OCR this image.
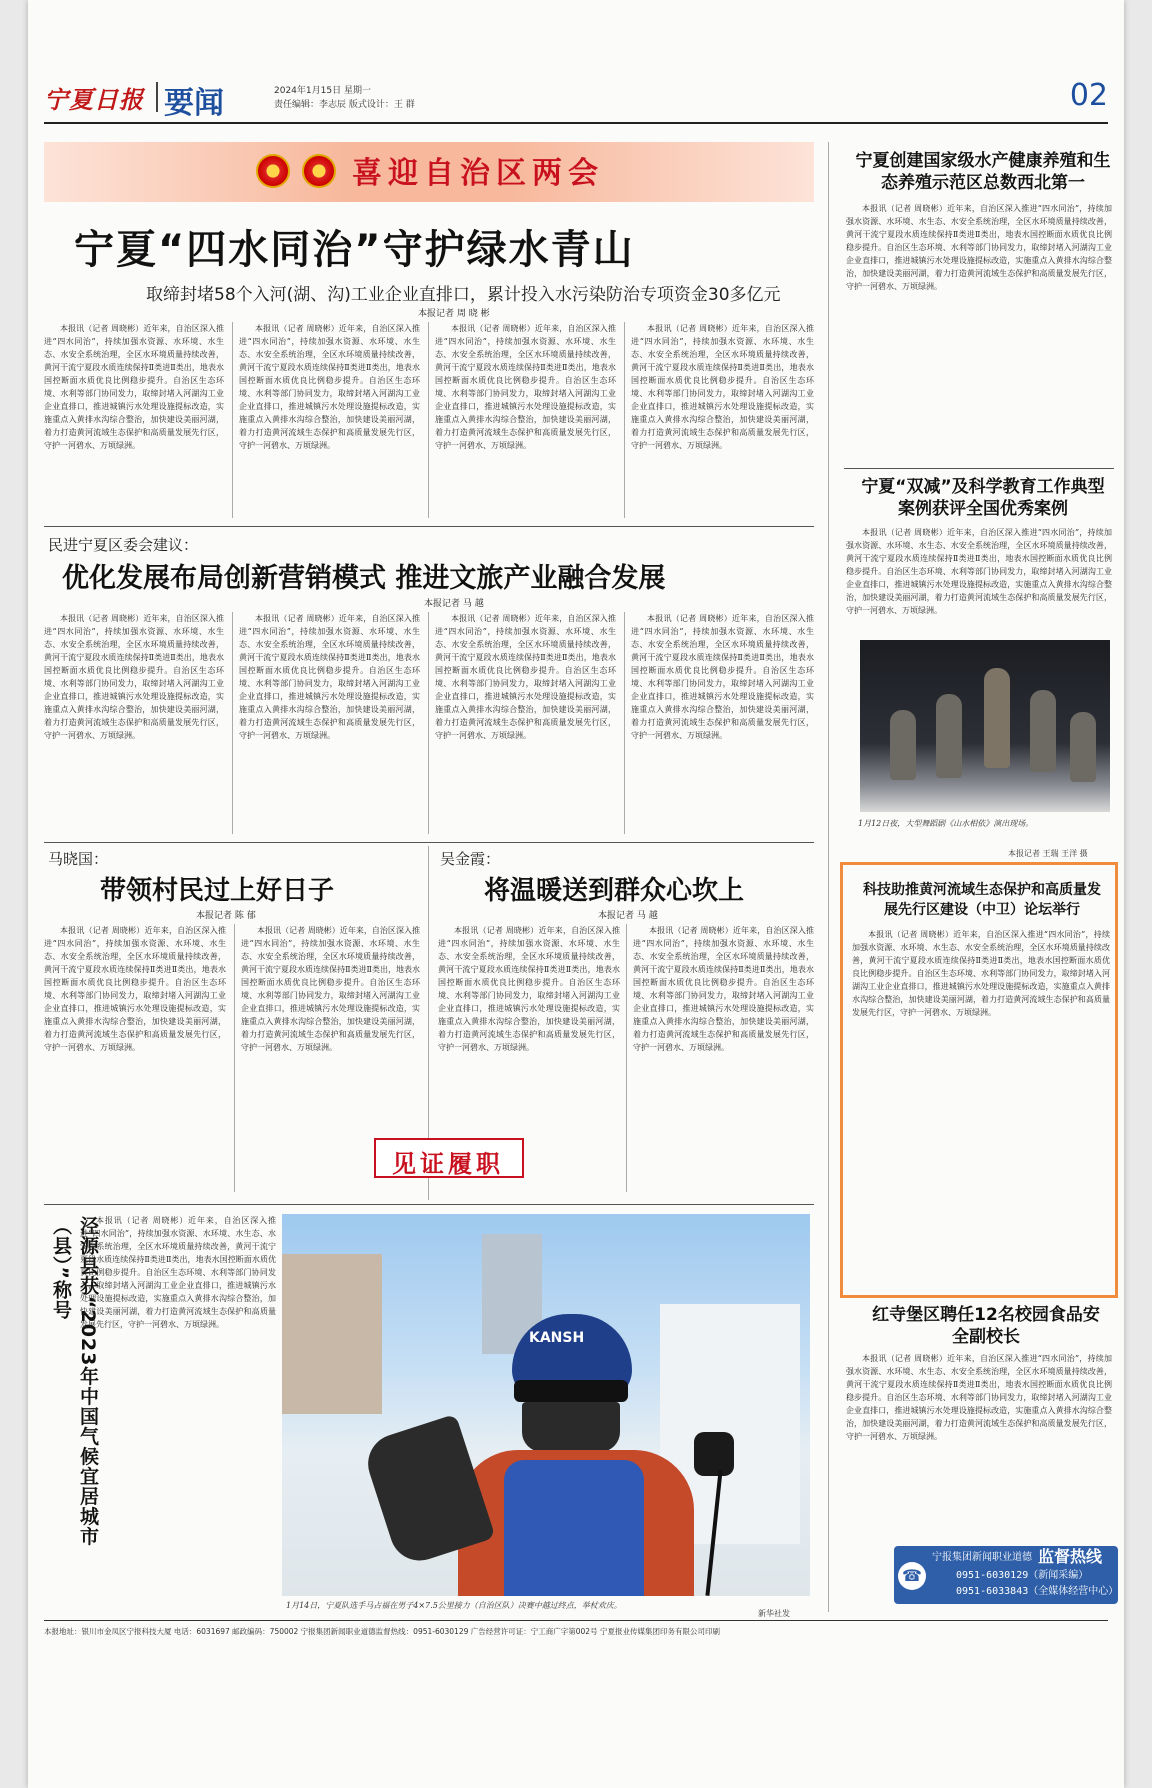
宁夏日报 要闻	2024年1月15日 星期一
责任编辑：李志辰 版式设计：王 群	02
喜迎自治区两会
宁夏“四水同治”守护绿水青山
取缔封堵58个入河(湖、沟)工业企业直排口，累计投入水污染防治专项资金30多亿元
本报记者 周 晓 彬
本报讯（记者 周晓彬）近年来，自治区深入推进“四水同治”，持续加强水资源、水环境、水生态、水安全系统治理，全区水环境质量持续改善，黄河干流宁夏段水质连续保持Ⅱ类进Ⅱ类出，地表水国控断面水质优良比例稳步提升。自治区生态环境、水利等部门协同发力，取缔封堵入河湖沟工业企业直排口，推进城镇污水处理设施提标改造，实施重点入黄排水沟综合整治，加快建设美丽河湖，着力打造黄河流域生态保护和高质量发展先行区，守护一河碧水、万顷绿洲。
本报讯（记者 周晓彬）近年来，自治区深入推进“四水同治”，持续加强水资源、水环境、水生态、水安全系统治理，全区水环境质量持续改善，黄河干流宁夏段水质连续保持Ⅱ类进Ⅱ类出，地表水国控断面水质优良比例稳步提升。自治区生态环境、水利等部门协同发力，取缔封堵入河湖沟工业企业直排口，推进城镇污水处理设施提标改造，实施重点入黄排水沟综合整治，加快建设美丽河湖，着力打造黄河流域生态保护和高质量发展先行区，守护一河碧水、万顷绿洲。
本报讯（记者 周晓彬）近年来，自治区深入推进“四水同治”，持续加强水资源、水环境、水生态、水安全系统治理，全区水环境质量持续改善，黄河干流宁夏段水质连续保持Ⅱ类进Ⅱ类出，地表水国控断面水质优良比例稳步提升。自治区生态环境、水利等部门协同发力，取缔封堵入河湖沟工业企业直排口，推进城镇污水处理设施提标改造，实施重点入黄排水沟综合整治，加快建设美丽河湖，着力打造黄河流域生态保护和高质量发展先行区，守护一河碧水、万顷绿洲。
本报讯（记者 周晓彬）近年来，自治区深入推进“四水同治”，持续加强水资源、水环境、水生态、水安全系统治理，全区水环境质量持续改善，黄河干流宁夏段水质连续保持Ⅱ类进Ⅱ类出，地表水国控断面水质优良比例稳步提升。自治区生态环境、水利等部门协同发力，取缔封堵入河湖沟工业企业直排口，推进城镇污水处理设施提标改造，实施重点入黄排水沟综合整治，加快建设美丽河湖，着力打造黄河流域生态保护和高质量发展先行区，守护一河碧水、万顷绿洲。
民进宁夏区委会建议：
优化发展布局创新营销模式 推进文旅产业融合发展
本报记者 马 越
本报讯（记者 周晓彬）近年来，自治区深入推进“四水同治”，持续加强水资源、水环境、水生态、水安全系统治理，全区水环境质量持续改善，黄河干流宁夏段水质连续保持Ⅱ类进Ⅱ类出，地表水国控断面水质优良比例稳步提升。自治区生态环境、水利等部门协同发力，取缔封堵入河湖沟工业企业直排口，推进城镇污水处理设施提标改造，实施重点入黄排水沟综合整治，加快建设美丽河湖，着力打造黄河流域生态保护和高质量发展先行区，守护一河碧水、万顷绿洲。
本报讯（记者 周晓彬）近年来，自治区深入推进“四水同治”，持续加强水资源、水环境、水生态、水安全系统治理，全区水环境质量持续改善，黄河干流宁夏段水质连续保持Ⅱ类进Ⅱ类出，地表水国控断面水质优良比例稳步提升。自治区生态环境、水利等部门协同发力，取缔封堵入河湖沟工业企业直排口，推进城镇污水处理设施提标改造，实施重点入黄排水沟综合整治，加快建设美丽河湖，着力打造黄河流域生态保护和高质量发展先行区，守护一河碧水、万顷绿洲。
本报讯（记者 周晓彬）近年来，自治区深入推进“四水同治”，持续加强水资源、水环境、水生态、水安全系统治理，全区水环境质量持续改善，黄河干流宁夏段水质连续保持Ⅱ类进Ⅱ类出，地表水国控断面水质优良比例稳步提升。自治区生态环境、水利等部门协同发力，取缔封堵入河湖沟工业企业直排口，推进城镇污水处理设施提标改造，实施重点入黄排水沟综合整治，加快建设美丽河湖，着力打造黄河流域生态保护和高质量发展先行区，守护一河碧水、万顷绿洲。
本报讯（记者 周晓彬）近年来，自治区深入推进“四水同治”，持续加强水资源、水环境、水生态、水安全系统治理，全区水环境质量持续改善，黄河干流宁夏段水质连续保持Ⅱ类进Ⅱ类出，地表水国控断面水质优良比例稳步提升。自治区生态环境、水利等部门协同发力，取缔封堵入河湖沟工业企业直排口，推进城镇污水处理设施提标改造，实施重点入黄排水沟综合整治，加快建设美丽河湖，着力打造黄河流域生态保护和高质量发展先行区，守护一河碧水、万顷绿洲。
马晓国：
带领村民过上好日子
本报记者 陈 郁
本报讯（记者 周晓彬）近年来，自治区深入推进“四水同治”，持续加强水资源、水环境、水生态、水安全系统治理，全区水环境质量持续改善，黄河干流宁夏段水质连续保持Ⅱ类进Ⅱ类出，地表水国控断面水质优良比例稳步提升。自治区生态环境、水利等部门协同发力，取缔封堵入河湖沟工业企业直排口，推进城镇污水处理设施提标改造，实施重点入黄排水沟综合整治，加快建设美丽河湖，着力打造黄河流域生态保护和高质量发展先行区，守护一河碧水、万顷绿洲。
本报讯（记者 周晓彬）近年来，自治区深入推进“四水同治”，持续加强水资源、水环境、水生态、水安全系统治理，全区水环境质量持续改善，黄河干流宁夏段水质连续保持Ⅱ类进Ⅱ类出，地表水国控断面水质优良比例稳步提升。自治区生态环境、水利等部门协同发力，取缔封堵入河湖沟工业企业直排口，推进城镇污水处理设施提标改造，实施重点入黄排水沟综合整治，加快建设美丽河湖，着力打造黄河流域生态保护和高质量发展先行区，守护一河碧水、万顷绿洲。
吴金霞：
将温暖送到群众心坎上
本报记者 马 越
本报讯（记者 周晓彬）近年来，自治区深入推进“四水同治”，持续加强水资源、水环境、水生态、水安全系统治理，全区水环境质量持续改善，黄河干流宁夏段水质连续保持Ⅱ类进Ⅱ类出，地表水国控断面水质优良比例稳步提升。自治区生态环境、水利等部门协同发力，取缔封堵入河湖沟工业企业直排口，推进城镇污水处理设施提标改造，实施重点入黄排水沟综合整治，加快建设美丽河湖，着力打造黄河流域生态保护和高质量发展先行区，守护一河碧水、万顷绿洲。
本报讯（记者 周晓彬）近年来，自治区深入推进“四水同治”，持续加强水资源、水环境、水生态、水安全系统治理，全区水环境质量持续改善，黄河干流宁夏段水质连续保持Ⅱ类进Ⅱ类出，地表水国控断面水质优良比例稳步提升。自治区生态环境、水利等部门协同发力，取缔封堵入河湖沟工业企业直排口，推进城镇污水处理设施提标改造，实施重点入黄排水沟综合整治，加快建设美丽河湖，着力打造黄河流域生态保护和高质量发展先行区，守护一河碧水、万顷绿洲。
见证履职
泾源县获“2023年中国气候宜居城市（县）”称号	本报讯（记者 周晓彬）近年来，自治区深入推进“四水同治”，持续加强水资源、水环境、水生态、水安全系统治理，全区水环境质量持续改善，黄河干流宁夏段水质连续保持Ⅱ类进Ⅱ类出，地表水国控断面水质优良比例稳步提升。自治区生态环境、水利等部门协同发力，取缔封堵入河湖沟工业企业直排口，推进城镇污水处理设施提标改造，实施重点入黄排水沟综合整治，加快建设美丽河湖，着力打造黄河流域生态保护和高质量发展先行区，守护一河碧水、万顷绿洲。
KANSH
1月14日，宁夏队选手马占福在男子4×7.5公里接力（自治区队）决赛中越过终点，举杖欢庆。
新华社发
宁夏创建国家级水产健康养殖和生态养殖示范区总数西北第一
本报讯（记者 周晓彬）近年来，自治区深入推进“四水同治”，持续加强水资源、水环境、水生态、水安全系统治理，全区水环境质量持续改善，黄河干流宁夏段水质连续保持Ⅱ类进Ⅱ类出，地表水国控断面水质优良比例稳步提升。自治区生态环境、水利等部门协同发力，取缔封堵入河湖沟工业企业直排口，推进城镇污水处理设施提标改造，实施重点入黄排水沟综合整治，加快建设美丽河湖，着力打造黄河流域生态保护和高质量发展先行区，守护一河碧水、万顷绿洲。
宁夏“双减”及科学教育工作典型案例获评全国优秀案例
本报讯（记者 周晓彬）近年来，自治区深入推进“四水同治”，持续加强水资源、水环境、水生态、水安全系统治理，全区水环境质量持续改善，黄河干流宁夏段水质连续保持Ⅱ类进Ⅱ类出，地表水国控断面水质优良比例稳步提升。自治区生态环境、水利等部门协同发力，取缔封堵入河湖沟工业企业直排口，推进城镇污水处理设施提标改造，实施重点入黄排水沟综合整治，加快建设美丽河湖，着力打造黄河流域生态保护和高质量发展先行区，守护一河碧水、万顷绿洲。
1月12日夜，大型舞蹈剧《山水相依》演出现场。
本报记者 王瑞 王洋 摄
科技助推黄河流域生态保护和高质量发展先行区建设（中卫）论坛举行
本报讯（记者 周晓彬）近年来，自治区深入推进“四水同治”，持续加强水资源、水环境、水生态、水安全系统治理，全区水环境质量持续改善，黄河干流宁夏段水质连续保持Ⅱ类进Ⅱ类出，地表水国控断面水质优良比例稳步提升。自治区生态环境、水利等部门协同发力，取缔封堵入河湖沟工业企业直排口，推进城镇污水处理设施提标改造，实施重点入黄排水沟综合整治，加快建设美丽河湖，着力打造黄河流域生态保护和高质量发展先行区，守护一河碧水、万顷绿洲。
红寺堡区聘任12名校园食品安全副校长
本报讯（记者 周晓彬）近年来，自治区深入推进“四水同治”，持续加强水资源、水环境、水生态、水安全系统治理，全区水环境质量持续改善，黄河干流宁夏段水质连续保持Ⅱ类进Ⅱ类出，地表水国控断面水质优良比例稳步提升。自治区生态环境、水利等部门协同发力，取缔封堵入河湖沟工业企业直排口，推进城镇污水处理设施提标改造，实施重点入黄排水沟综合整治，加快建设美丽河湖，着力打造黄河流域生态保护和高质量发展先行区，守护一河碧水、万顷绿洲。
☎
宁报集团新闻职业道德 监督热线
0951-6030129（新闻采编）
0951-6033843（全媒体经营中心）
本报地址：银川市金凤区宁报科技大厦 电话：6031697 邮政编码：750002 宁报集团新闻职业道德监督热线：0951-6030129 广告经营许可证：宁工商广字第002号 宁夏报业传媒集团印务有限公司印刷
